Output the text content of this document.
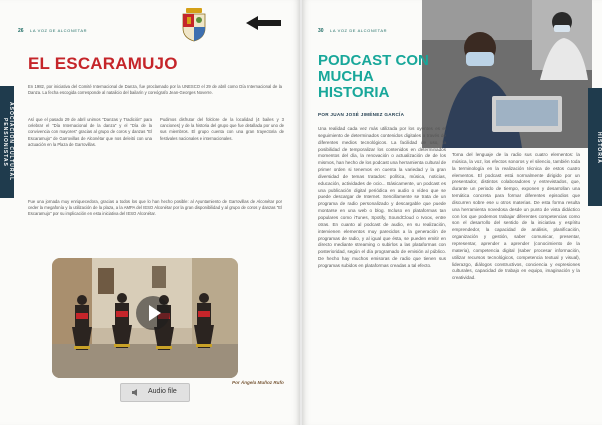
26 LA VOZ DE ALCONETAR
ASOCIACIÓN CULTURAL PENSIONISTAS
EL ESCARAMUJO
En 1982, por iniciativa del Comité Internacional de Danza, fue proclamado por la UNESCO el 29 de abril como Día Internacional de la Danza. La fecha escogida corresponde al natalicio del bailarín y coreógrafo Jean-Georges Noverre.
Así que el pasado 29 de abril unimos "Danzas y Tradición" para celebrar el "Día Internacional de la danza" y el "Día de la convivencia con mayores" gracias al grupo de coros y danzas "El Escaramujo" de Garrovillas de Alconétar que nos deleitó con una actuación en la Plaza de Garrovillas.
Pudimos disfrutar del folclore de la localidad (4 bailes y 3 canciones) y de la historia del grupo que fue detallada por uno de sus miembros. El grupo cuenta con una gran trayectoria de festivales nacionales e internacionales.
Fue una jornada muy enriquecedora, gracias a todos los que lo han hecho posible: al Ayuntamiento de Garrovillas de Alconétar por ceder la megafonía y la utilización de la plaza, a la AMPA del IESO Alconétar por la gran disponibilidad y al grupo de coros y danzas "El Escaramujo" por su implicación en esta iniciativa del IESO Alconétar.
Audio file
Por Ángela Muñoz Rufo
30 LA VOZ DE ALCONETAR
PODCAST CON MUCHA HISTORIA
POR JUAN JOSÉ JIMÉNEZ GARCÍA
Una realidad cada vez más utilizada por los oyentes es el seguimiento de determinados contenidos digitales a través de diferentes medios tecnológicos. La facilidad de uso, la posibilidad de temporalizar los contenidos en determinados momentos del día, la renovación o actualización de de los mismos, han hecho de los podcast una herramienta cultural de primer orden si tenemos en cuenta la variedad y la gran diversidad de temas tratados: política, música, noticias, educación, actividades de ocio... Básicamente, un podcast es una publicación digital periódica en audio o vídeo que se puede descargar de Internet. Sencillamente se trata de un programa de radio personalizado y descargable que puede montarse en una web o blog. Incluso en plataformas tan populares como iTunes, Spotify, SoundCloud o Ivoox, entre otras. En cuanto al podcast de audio, en su realización, intervienen elementos muy parecidos a la generación de programas de radio, y al igual que ésta, se pueden emitir en directo mediante streaming o subirlos a las plataformas con posterioridad, según el día programado de emisión al público. De hecho hay muchos emisoras de radio que tienen sus programas subidos en plataformas creadas a tal efecto.
Toma del lenguaje de la radio sus cuatro elementos: la música, la voz, los efectos sonoros y el silencio, también toda la terminología en la realización técnica de estos cuatro elementos. El podcast está normalmente dirigido por un presentador, distintos colaboradores y entrevistados, que, durante un periodo de tiempo, exponen y desarrollan una temática concreta para formar diferentes episodios que discurren sobre ese u otros materias. De esta forma resulta una herramienta novedosa desde un punto de vista didáctico con los que podemos trabajar diferentes competencias como son el desarrollo del sentido de la iniciativa y espíritu emprendedor, la capacidad de análisis, planificación, organización y gestión, saber comunicar, presentar, representar, aprender a aprender (conocimiento de la materia), competencia digital (saber procesar información, utilizar recursos tecnológicos, competencia textual y visual), liderazgo, diálogos constructivos, conciencia y expresiones culturales, capacidad de trabajo en equipo, imaginación y la creatividad.
HISTORIA
